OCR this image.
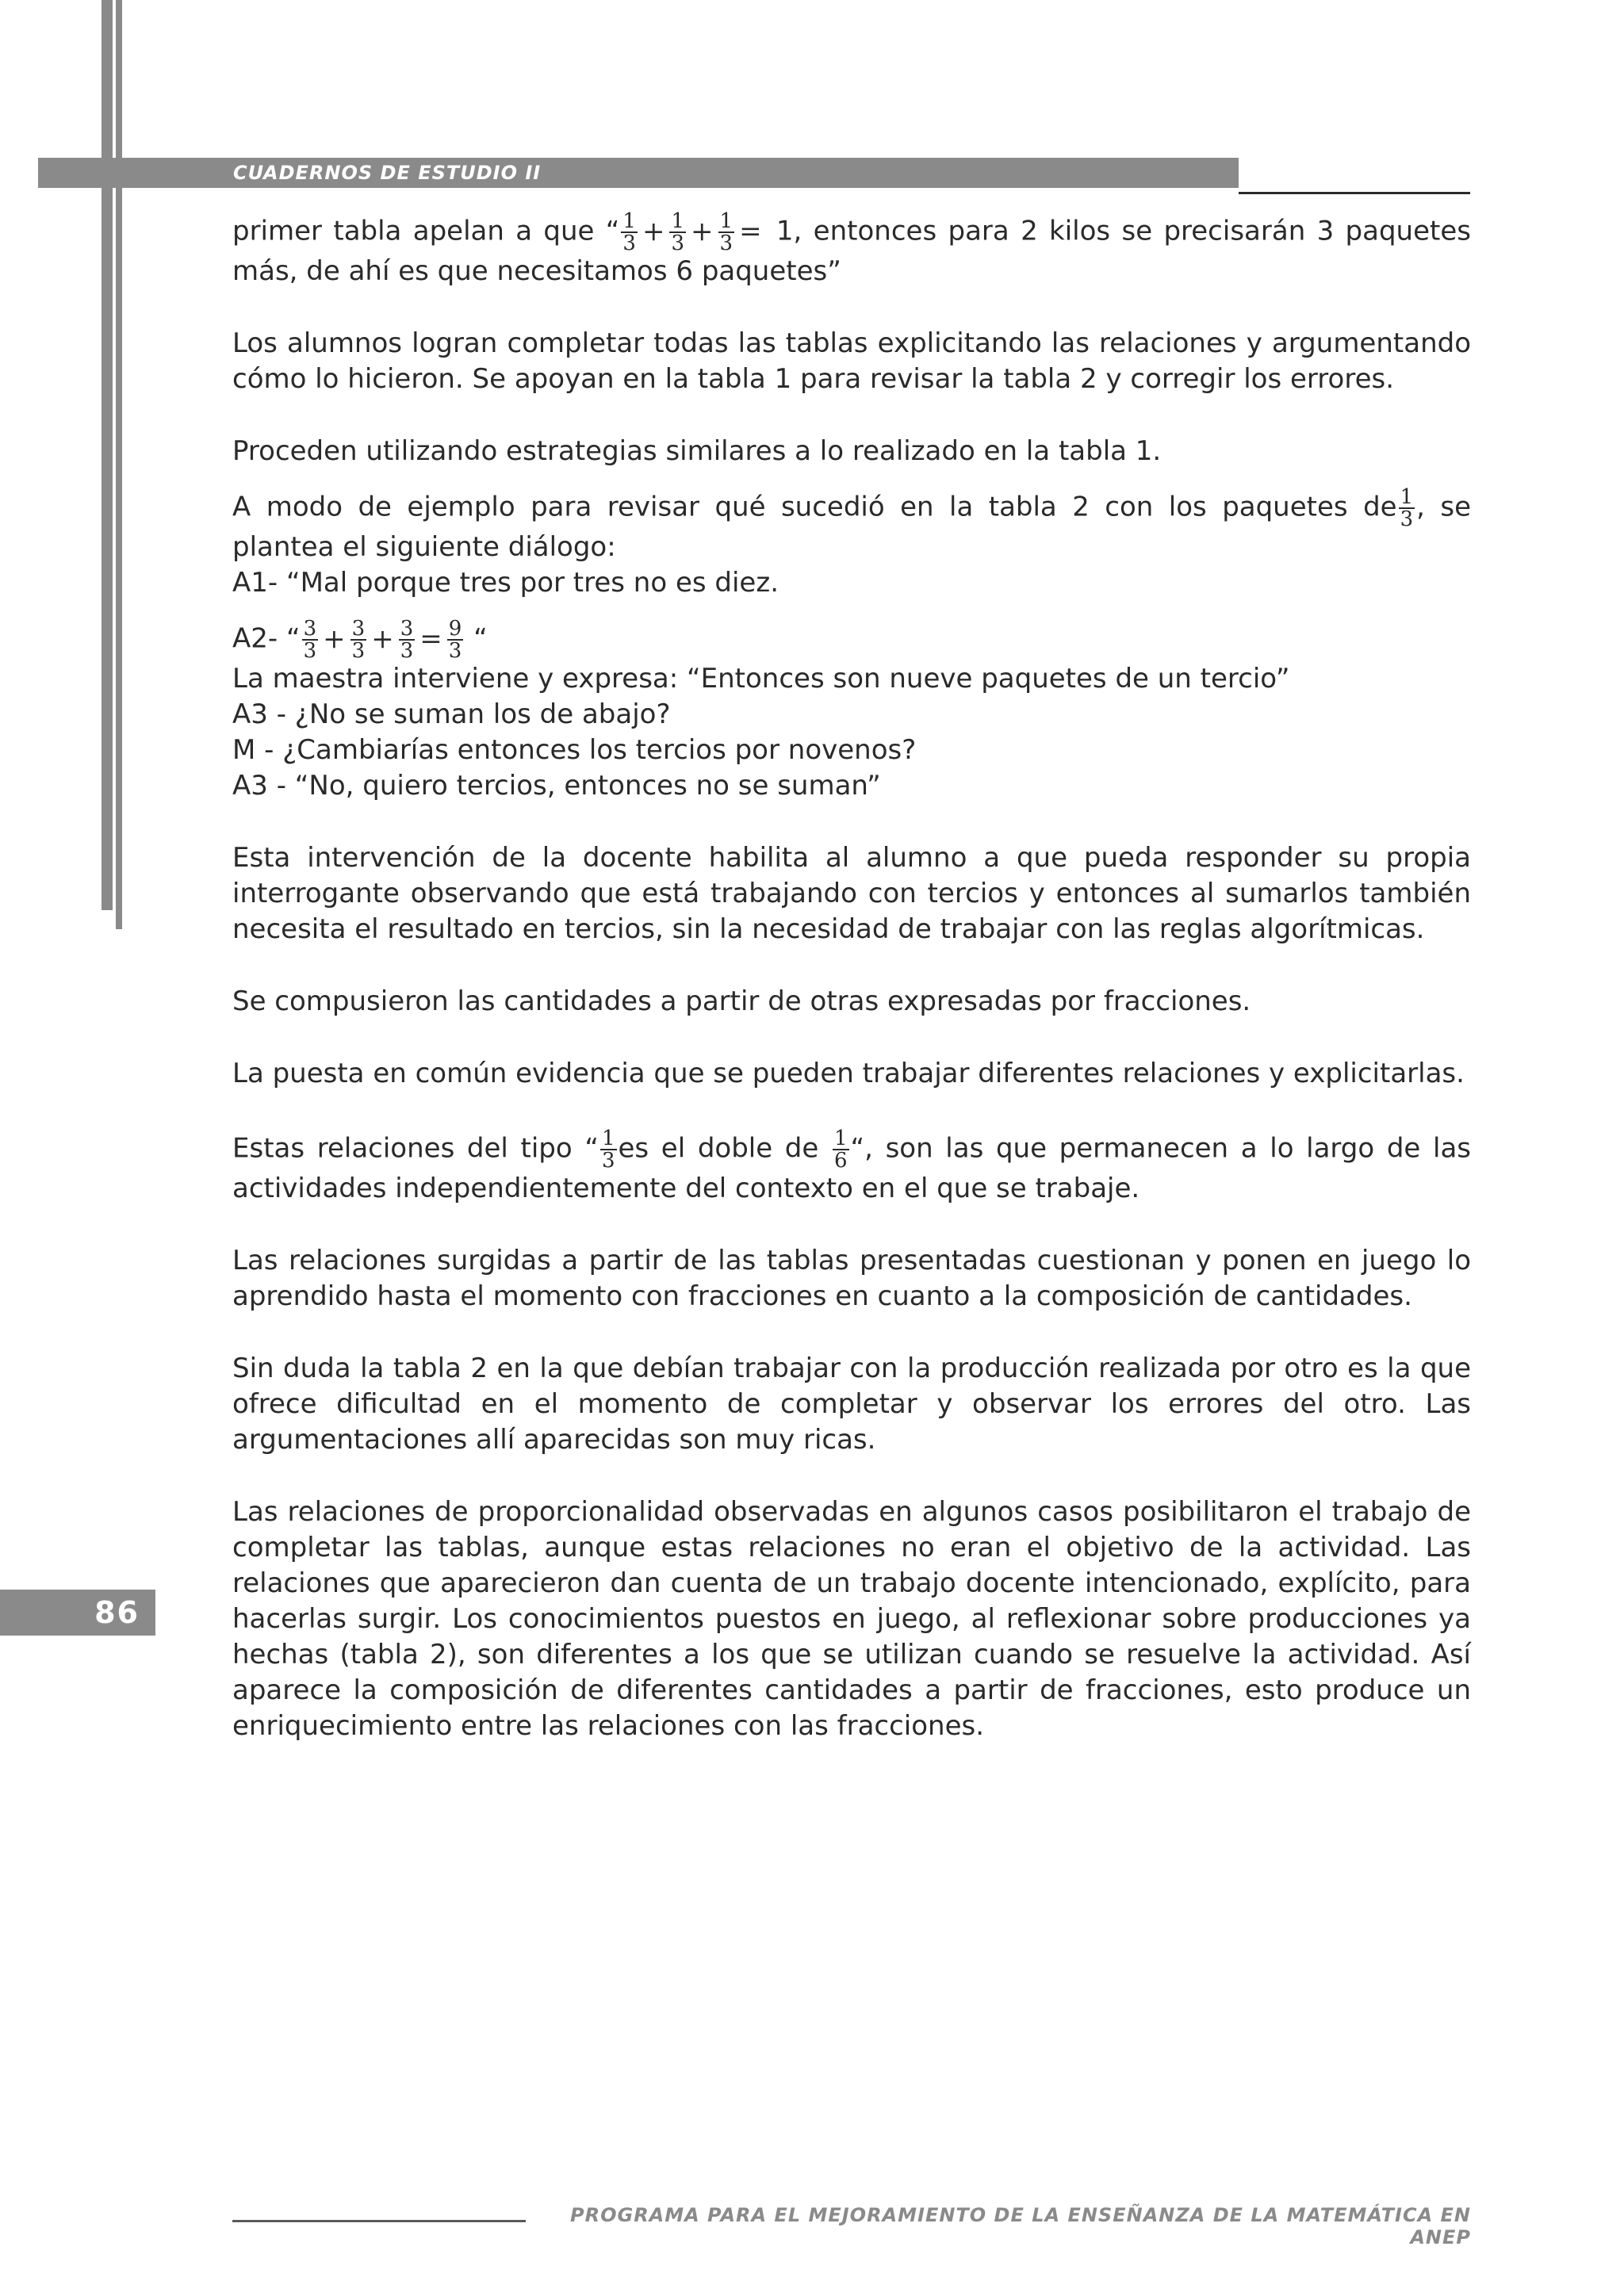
CUADERNOS DE ESTUDIO II
86

primer tabla apelan a que “ $\frac{1}{3} + \frac{1}{3} + \frac{1}{3} = 1$, entonces para 2 kilos se precisarán 3 paquetes más, de ahí es que necesitamos 6 paquetes”

Los alumnos logran completar todas las tablas explicitando las relaciones y argumentando cómo lo hicieron. Se apoyan en la tabla 1 para revisar la tabla 2 y corregir los errores.

Proceden utilizando estrategias similares a lo realizado en la tabla 1.

A modo de ejemplo para revisar qué sucedió en la tabla 2 con los paquetes de $\frac{1}{3}$ , se plantea el siguiente diálogo:

A1- “Mal porque tres por tres no es diez.

A2- “ $\frac{3}{3} + \frac{3}{3} + \frac{3}{3} = \frac{9}{3}$ “

La maestra interviene y expresa: “Entonces son nueve paquetes de un tercio”

A3 - ¿No se suman los de abajo?

M - ¿Cambiarías entonces los tercios por novenos?

A3 - “No, quiero tercios, entonces no se suman”

Esta intervención de la docente habilita al alumno a que pueda responder su propia interrogante observando que está trabajando con tercios y entonces al sumarlos también necesita el resultado en tercios, sin la necesidad de trabajar con las reglas algorítmicas.

Se compusieron las cantidades a partir de otras expresadas por fracciones.

La puesta en común evidencia que se pueden trabajar diferentes relaciones y explicitarlas.

Estas relaciones del tipo “ $\frac{1}{3}$ es el doble de $\frac{1}{6}$ “, son las que permanecen a lo largo de las actividades independientemente del contexto en el que se trabaje.

Las relaciones surgidas a partir de las tablas presentadas cuestionan y ponen en juego lo aprendido hasta el momento con fracciones en cuanto a la composición de cantidades.

Sin duda la tabla 2 en la que debían trabajar con la producción realizada por otro es la que ofrece dificultad en el momento de completar y observar los errores del otro. Las argumentaciones allí aparecidas son muy ricas.

Las relaciones de proporcionalidad observadas en algunos casos posibilitaron el trabajo de completar las tablas, aunque estas relaciones no eran el objetivo de la actividad. Las relaciones que aparecieron dan cuenta de un trabajo docente intencionado, explícito, para hacerlas surgir. Los conocimientos puestos en juego, al reflexionar sobre producciones ya hechas (tabla 2), son diferentes a los que se utilizan cuando se resuelve la actividad. Así aparece la composición de diferentes cantidades a partir de fracciones, esto produce un enriquecimiento entre las relaciones con las fracciones.

PROGRAMA PARA EL MEJORAMIENTO DE LA ENSEÑANZA DE LA MATEMÁTICA EN ANEP
